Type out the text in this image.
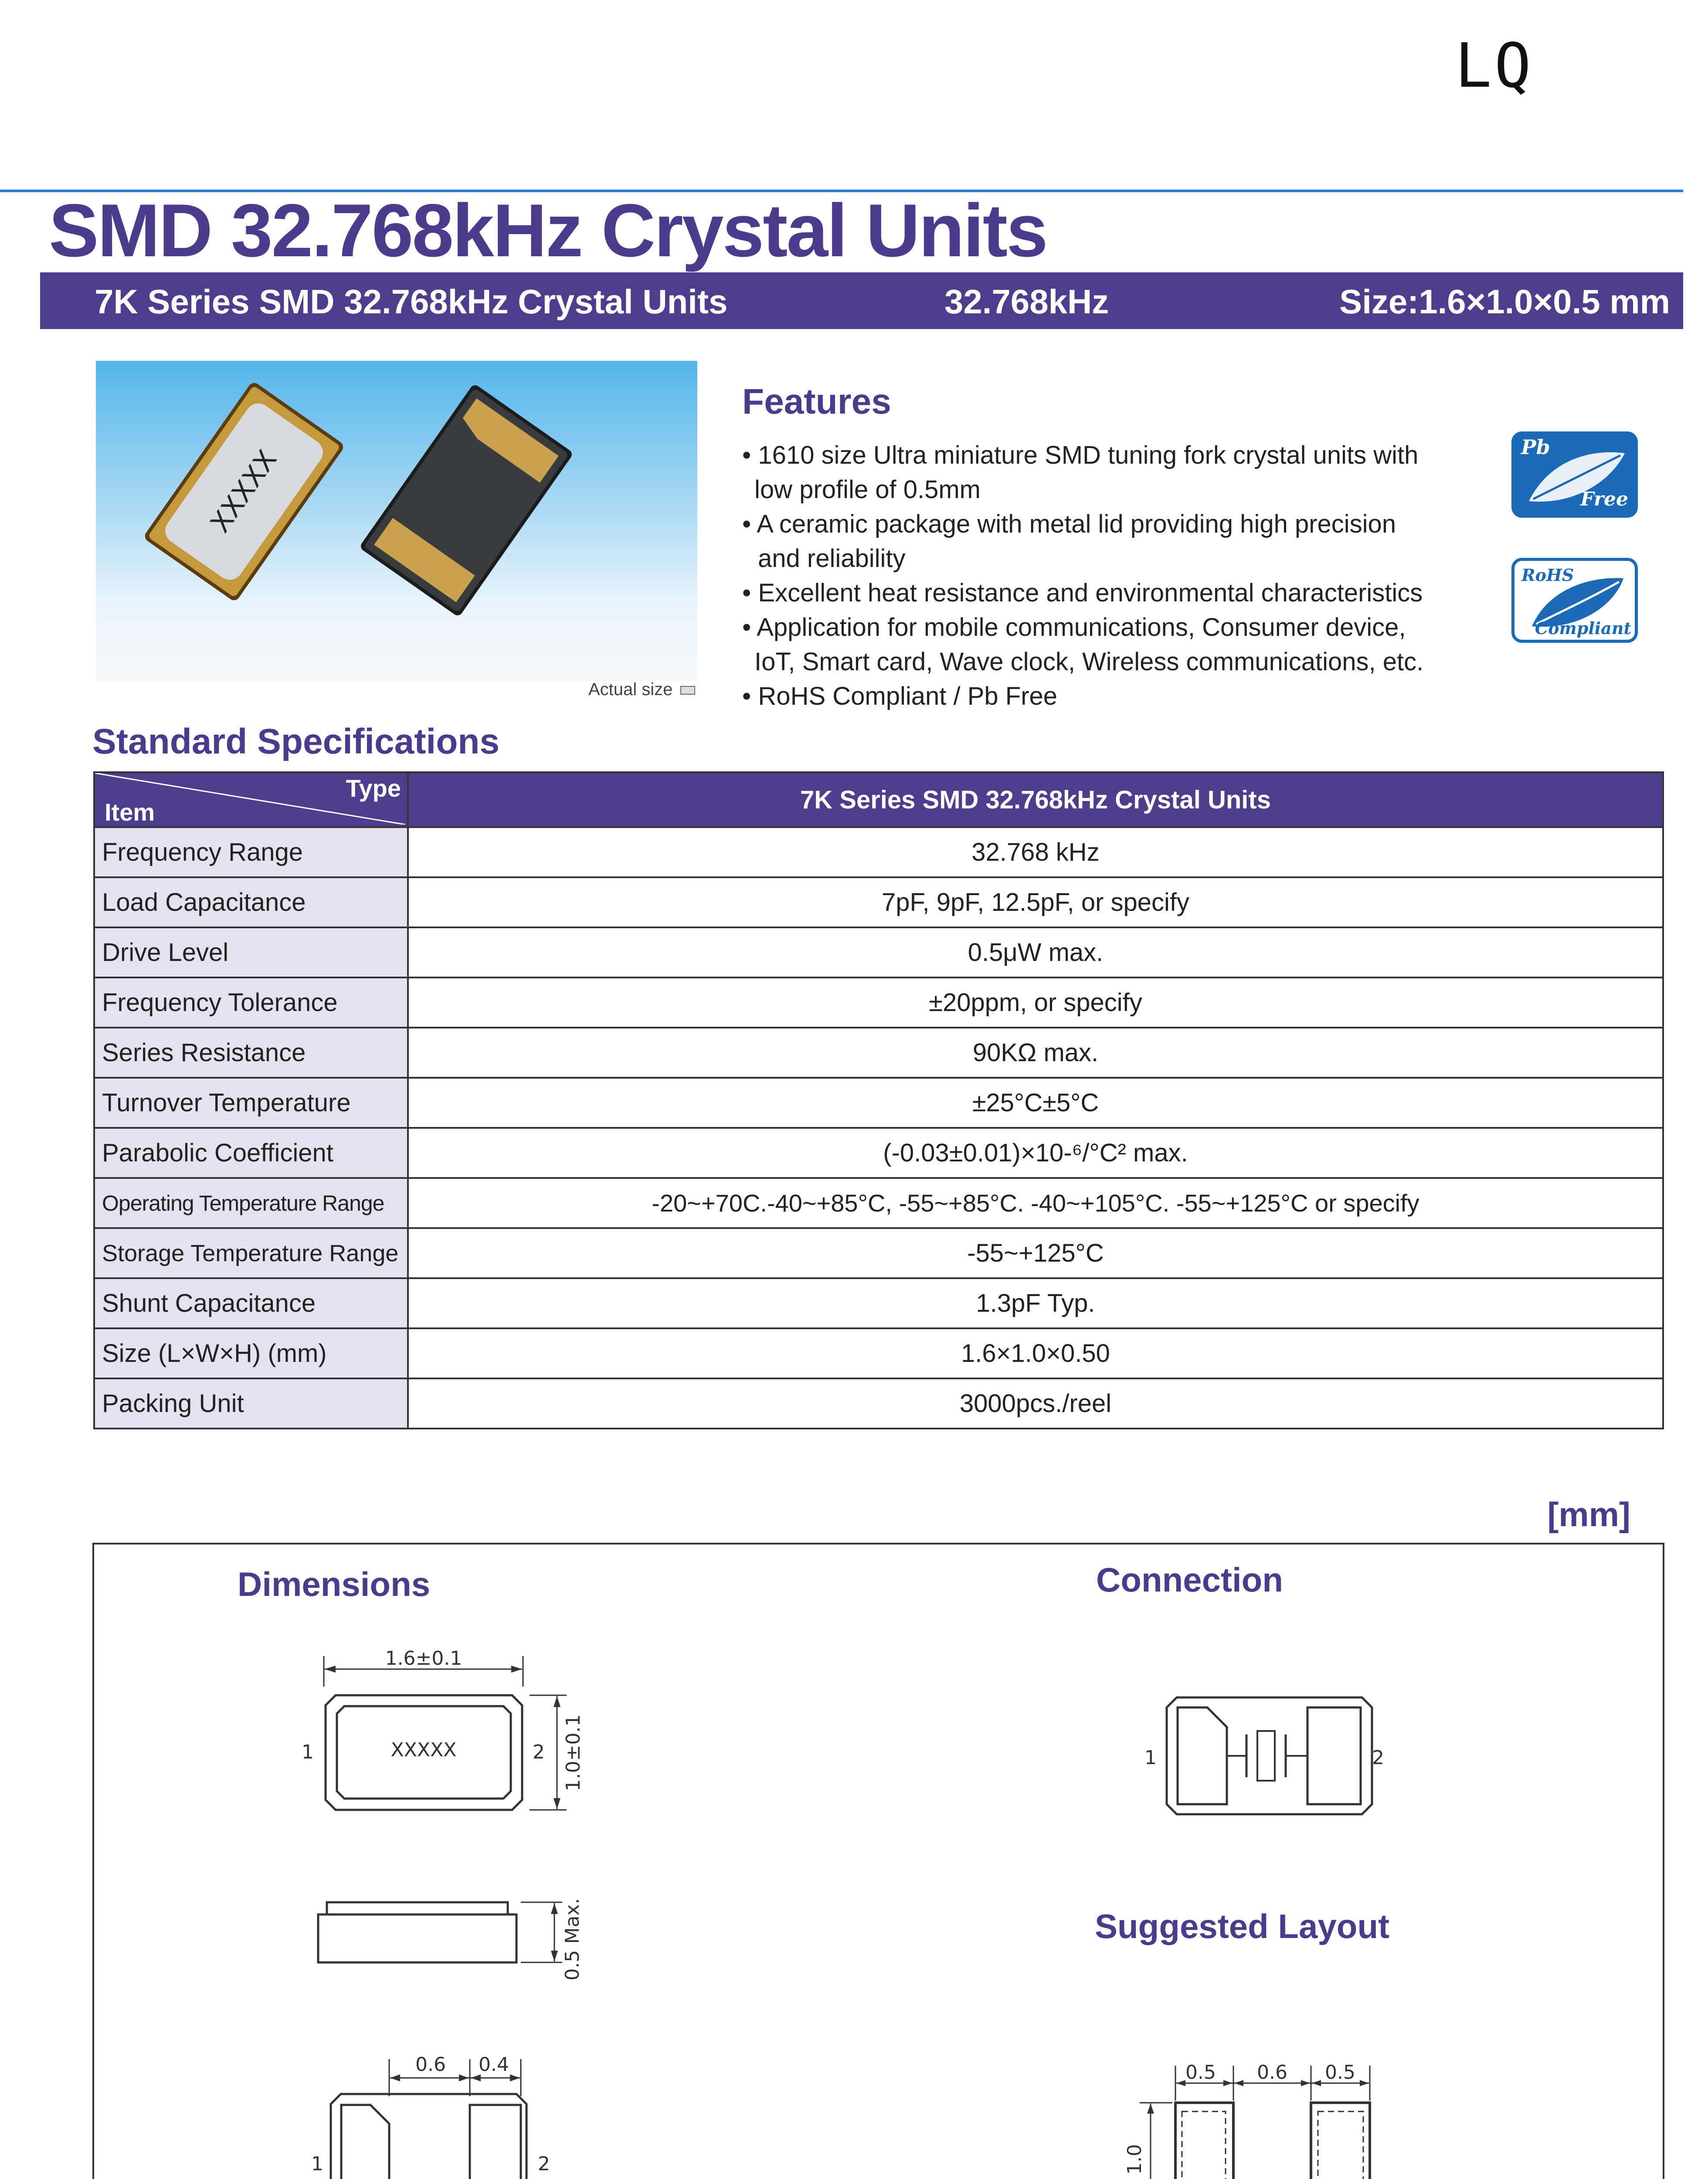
LQ
SMD 32.768kHz Crystal Units
7K Series SMD 32.768kHz Crystal Units	32.768kHz	Size:1.6×1.0×0.5 mm
XXXXX
Actual size
Features
• 1610 size Ultra miniature SMD tuning fork crystal units with
low profile of 0.5mm
• A ceramic package with metal lid providing high precision
and reliability
• Excellent heat resistance and environmental characteristics
• Application for mobile communications, Consumer device,
IoT, Smart card, Wave clock, Wireless communications, etc.
• RoHS Compliant / Pb Free
Pb
Free
RoHS
Compliant
Standard Specifications
Type
Item	7K Series SMD 32.768kHz Crystal Units
Frequency Range	32.768 kHz
Load Capacitance	7pF, 9pF, 12.5pF, or specify
Drive Level	0.5μW max.
Frequency Tolerance	±20ppm, or specify
Series Resistance	90KΩ max.
Turnover Temperature	±25°C±5°C
Parabolic Coefficient	(-0.03±0.01)×10-⁶/°C² max.
Operating Temperature Range	-20~+70C.-40~+85°C, -55~+85°C. -40~+105°C. -55~+125°C or specify
Storage Temperature Range	-55~+125°C
Shunt Capacitance	1.3pF Typ.
Size (L×W×H) (mm)	1.6×1.0×0.50
Packing Unit	3000pcs./reel
[mm]
Dimensions	Connection
Suggested Layout
1.6±0.1
XXXXX
1	2 1.0±0.1
0.5 Max.
0.6 0.4
1	2
1	2
0.5 0.6 0.5
1.0
